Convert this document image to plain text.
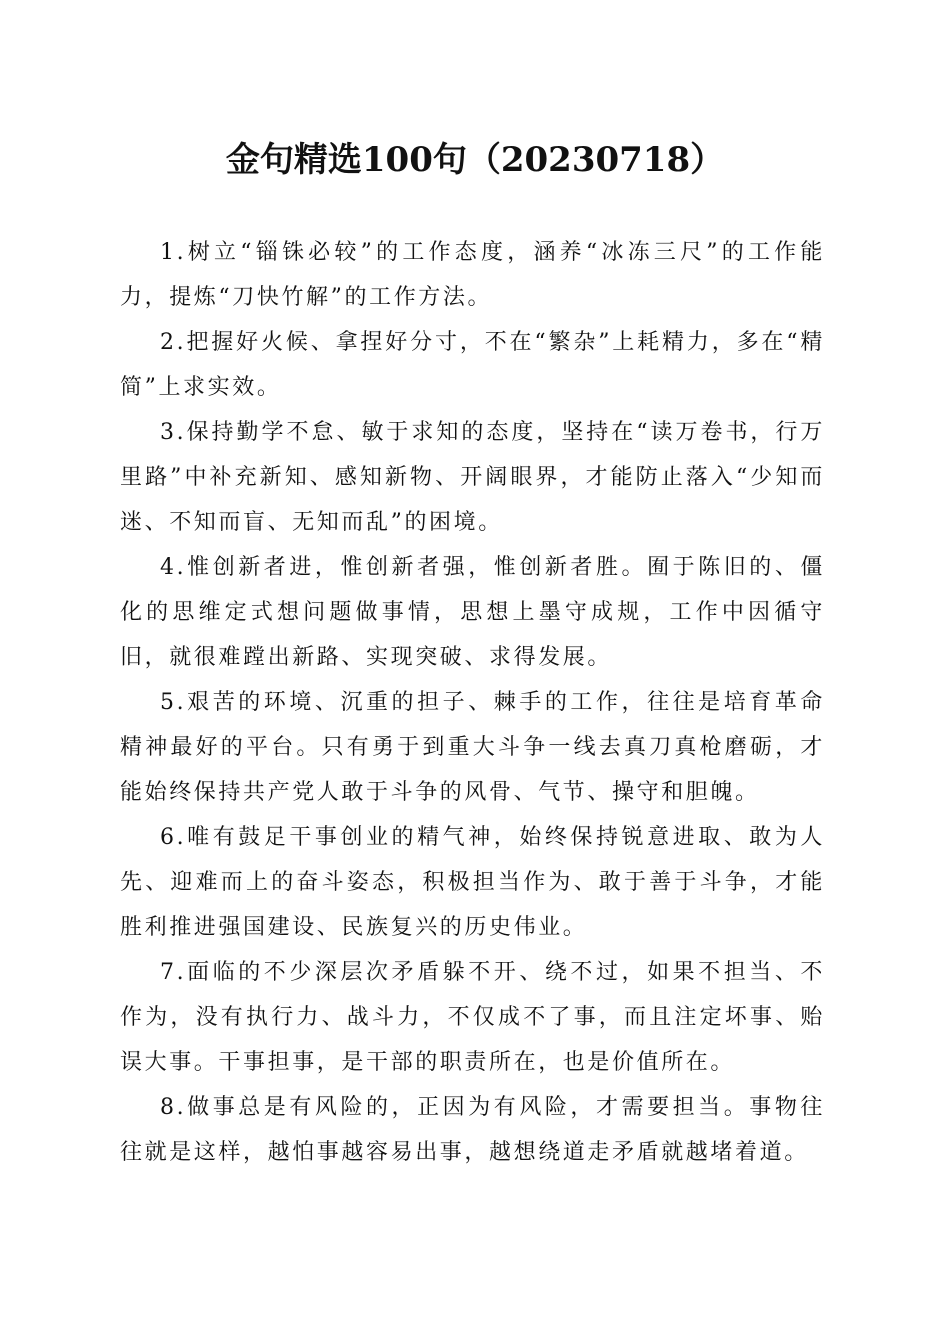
金句精选100句（20230718）

1.树立“锱铢必较”的工作态度，涵养“冰冻三尺”的工作能力，提炼“刀快竹解”的工作方法。

2.把握好火候、拿捏好分寸，不在“繁杂”上耗精力，多在“精简”上求实效。

3.保持勤学不怠、敏于求知的态度，坚持在“读万卷书，行万里路”中补充新知、感知新物、开阔眼界，才能防止落入“少知而迷、不知而盲、无知而乱”的困境。

4.惟创新者进，惟创新者强，惟创新者胜。囿于陈旧的、僵化的思维定式想问题做事情，思想上墨守成规，工作中因循守旧，就很难蹚出新路、实现突破、求得发展。

5.艰苦的环境、沉重的担子、棘手的工作，往往是培育革命精神最好的平台。只有勇于到重大斗争一线去真刀真枪磨砺，才能始终保持共产党人敢于斗争的风骨、气节、操守和胆魄。

6.唯有鼓足干事创业的精气神，始终保持锐意进取、敢为人先、迎难而上的奋斗姿态，积极担当作为、敢于善于斗争，才能胜利推进强国建设、民族复兴的历史伟业。

7.面临的不少深层次矛盾躲不开、绕不过，如果不担当、不作为，没有执行力、战斗力，不仅成不了事，而且注定坏事、贻误大事。干事担事，是干部的职责所在，也是价值所在。

8.做事总是有风险的，正因为有风险，才需要担当。事物往往就是这样，越怕事越容易出事，越想绕道走矛盾就越堵着道。
